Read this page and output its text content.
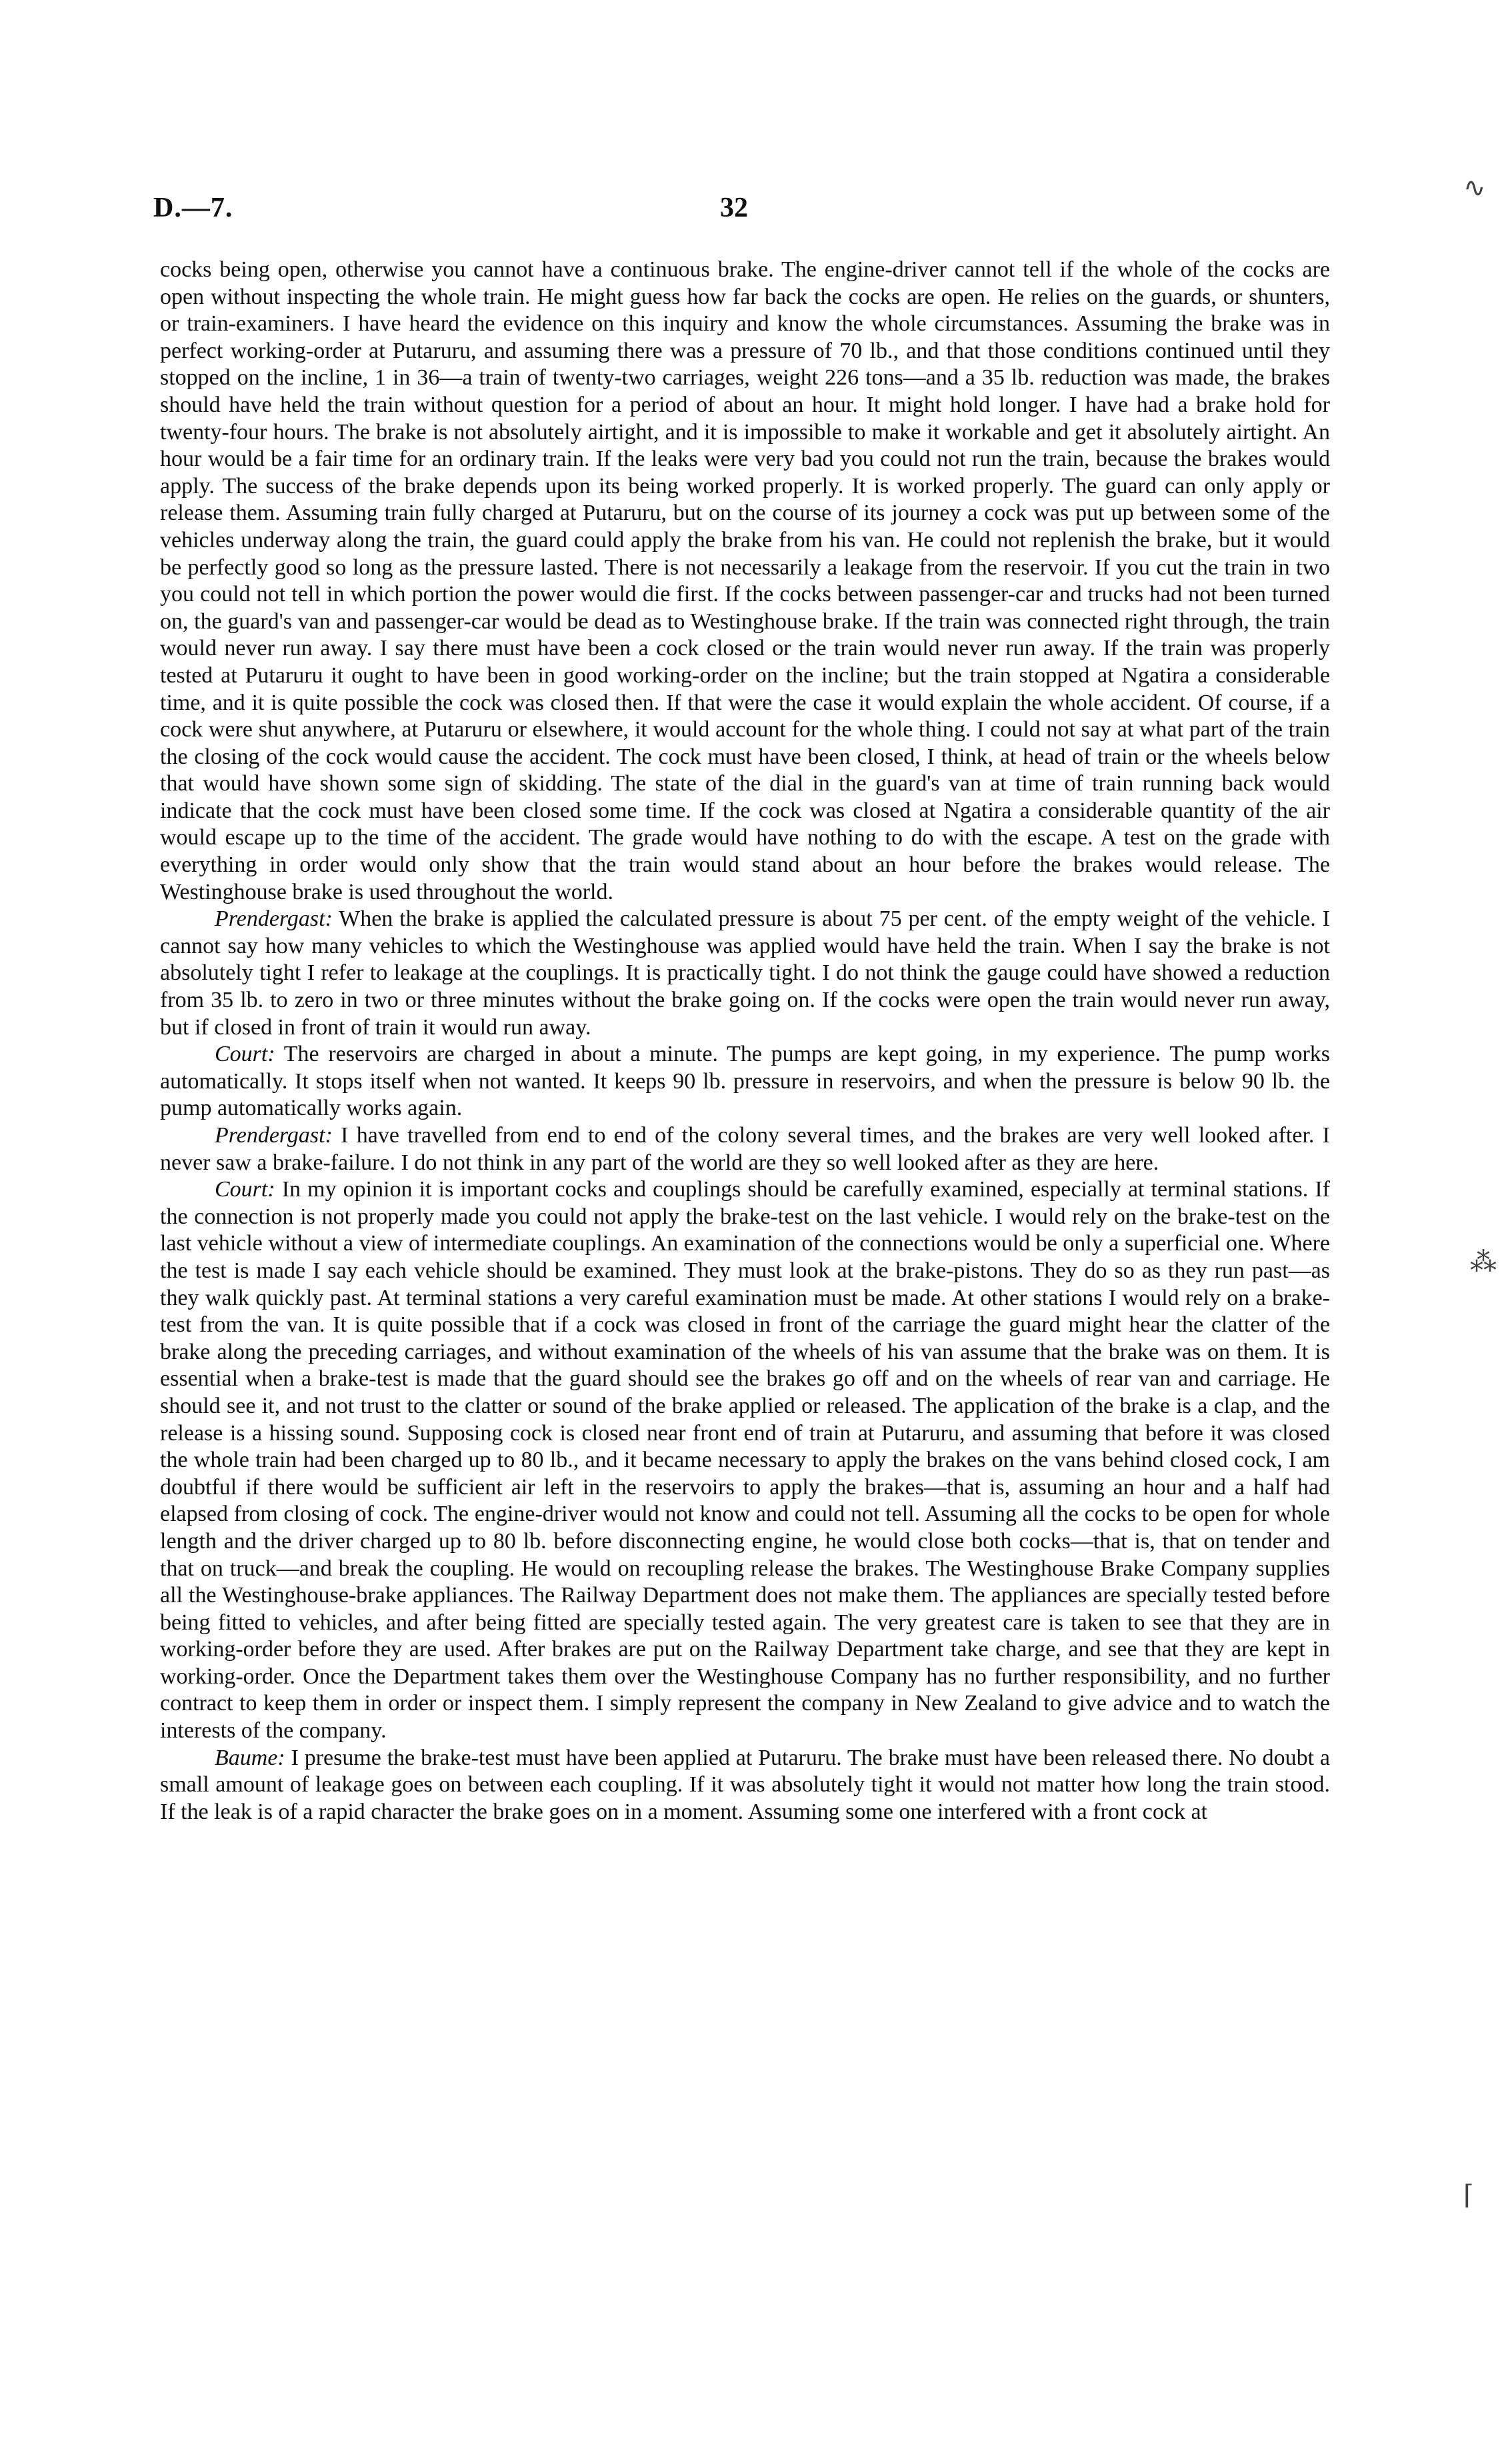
D.—7.	32
∿
⁂
⌈

cocks being open, otherwise you cannot have a continuous brake. The engine-driver cannot tell if the whole of the cocks are open without inspecting the whole train. He might guess how far back the cocks are open. He relies on the guards, or shunters, or train-examiners. I have heard the evidence on this inquiry and know the whole circumstances. Assuming the brake was in perfect working-order at Putaruru, and assuming there was a pressure of 70 lb., and that those conditions continued until they stopped on the incline, 1 in 36—a train of twenty-two carriages, weight 226 tons—and a 35 lb. reduction was made, the brakes should have held the train without question for a period of about an hour. It might hold longer. I have had a brake hold for twenty-four hours. The brake is not absolutely airtight, and it is impossible to make it workable and get it absolutely airtight. An hour would be a fair time for an ordinary train. If the leaks were very bad you could not run the train, because the brakes would apply. The success of the brake depends upon its being worked properly. It is worked properly. The guard can only apply or release them. Assuming train fully charged at Putaruru, but on the course of its journey a cock was put up between some of the vehicles underway along the train, the guard could apply the brake from his van. He could not replenish the brake, but it would be perfectly good so long as the pressure lasted. There is not necessarily a leakage from the reservoir. If you cut the train in two you could not tell in which portion the power would die first. If the cocks between passenger-car and trucks had not been turned on, the guard's van and passenger-car would be dead as to Westinghouse brake. If the train was connected right through, the train would never run away. I say there must have been a cock closed or the train would never run away. If the train was properly tested at Putaruru it ought to have been in good working-order on the incline; but the train stopped at Ngatira a considerable time, and it is quite possible the cock was closed then. If that were the case it would explain the whole accident. Of course, if a cock were shut anywhere, at Putaruru or elsewhere, it would account for the whole thing. I could not say at what part of the train the closing of the cock would cause the accident. The cock must have been closed, I think, at head of train or the wheels below that would have shown some sign of skidding. The state of the dial in the guard's van at time of train running back would indicate that the cock must have been closed some time. If the cock was closed at Ngatira a considerable quantity of the air would escape up to the time of the accident. The grade would have nothing to do with the escape. A test on the grade with everything in order would only show that the train would stand about an hour before the brakes would release. The Westinghouse brake is used throughout the world.

Prendergast: When the brake is applied the calculated pressure is about 75 per cent. of the empty weight of the vehicle. I cannot say how many vehicles to which the Westinghouse was applied would have held the train. When I say the brake is not absolutely tight I refer to leakage at the couplings. It is practically tight. I do not think the gauge could have showed a reduction from 35 lb. to zero in two or three minutes without the brake going on. If the cocks were open the train would never run away, but if closed in front of train it would run away.

Court: The reservoirs are charged in about a minute. The pumps are kept going, in my experience. The pump works automatically. It stops itself when not wanted. It keeps 90 lb. pressure in reservoirs, and when the pressure is below 90 lb. the pump automatically works again.

Prendergast: I have travelled from end to end of the colony several times, and the brakes are very well looked after. I never saw a brake-failure. I do not think in any part of the world are they so well looked after as they are here.

Court: In my opinion it is important cocks and couplings should be carefully examined, especially at terminal stations. If the connection is not properly made you could not apply the brake-test on the last vehicle. I would rely on the brake-test on the last vehicle without a view of intermediate couplings. An examination of the connections would be only a superficial one. Where the test is made I say each vehicle should be examined. They must look at the brake-pistons. They do so as they run past—as they walk quickly past. At terminal stations a very careful examination must be made. At other stations I would rely on a brake-test from the van. It is quite possible that if a cock was closed in front of the carriage the guard might hear the clatter of the brake along the preceding carriages, and without examination of the wheels of his van assume that the brake was on them. It is essential when a brake-test is made that the guard should see the brakes go off and on the wheels of rear van and carriage. He should see it, and not trust to the clatter or sound of the brake applied or released. The application of the brake is a clap, and the release is a hissing sound. Supposing cock is closed near front end of train at Putaruru, and assuming that before it was closed the whole train had been charged up to 80 lb., and it became necessary to apply the brakes on the vans behind closed cock, I am doubtful if there would be sufficient air left in the reservoirs to apply the brakes—that is, assuming an hour and a half had elapsed from closing of cock. The engine-driver would not know and could not tell. Assuming all the cocks to be open for whole length and the driver charged up to 80 lb. before disconnecting engine, he would close both cocks—that is, that on tender and that on truck—and break the coupling. He would on recoupling release the brakes. The Westinghouse Brake Company supplies all the Westinghouse-brake appliances. The Railway Department does not make them. The appliances are specially tested before being fitted to vehicles, and after being fitted are specially tested again. The very greatest care is taken to see that they are in working-order before they are used. After brakes are put on the Railway Department take charge, and see that they are kept in working-order. Once the Department takes them over the Westinghouse Company has no further responsibility, and no further contract to keep them in order or inspect them. I simply represent the company in New Zealand to give advice and to watch the interests of the company.

Baume: I presume the brake-test must have been applied at Putaruru. The brake must have been released there. No doubt a small amount of leakage goes on between each coupling. If it was absolutely tight it would not matter how long the train stood. If the leak is of a rapid character the brake goes on in a moment. Assuming some one interfered with a front cock at
